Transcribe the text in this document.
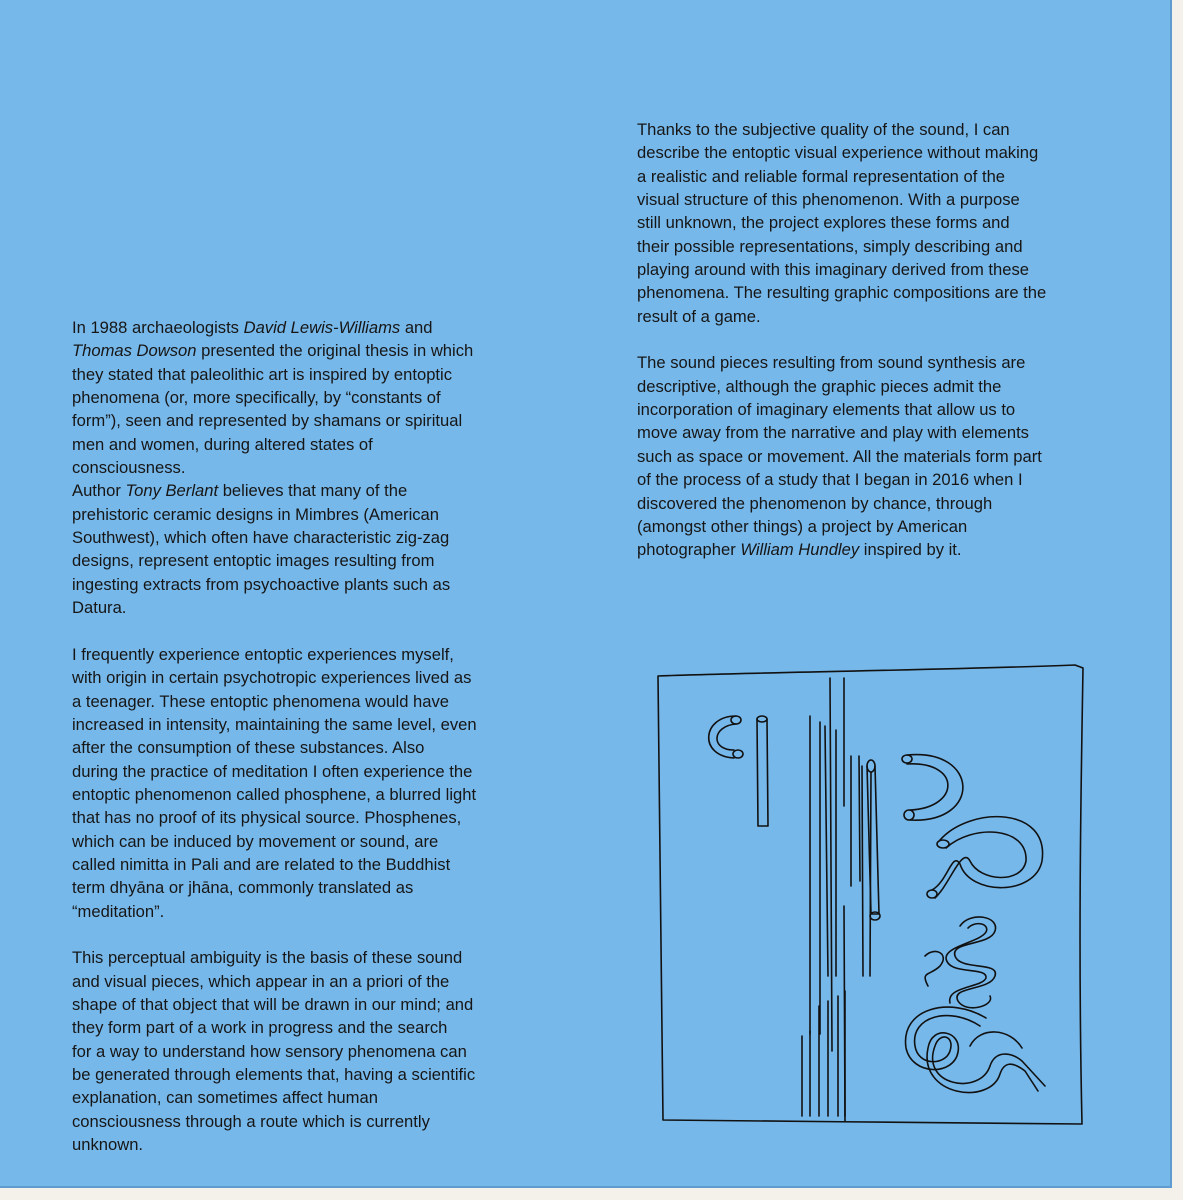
In 1988 archaeologists David Lewis-Williams and
Thomas Dowson presented the original thesis in which
they stated that paleolithic art is inspired by entoptic
phenomena (or, more specifically, by “constants of
form”), seen and represented by shamans or spiritual
men and women, during altered states of
consciousness.
Author Tony Berlant believes that many of the
prehistoric ceramic designs in Mimbres (American
Southwest), which often have characteristic zig-zag
designs, represent entoptic images resulting from
ingesting extracts from psychoactive plants such as
Datura.

I frequently experience entoptic experiences myself,
with origin in certain psychotropic experiences lived as
a teenager. These entoptic phenomena would have
increased in intensity, maintaining the same level, even
after the consumption of these substances. Also
during the practice of meditation I often experience the
entoptic phenomenon called phosphene, a blurred light
that has no proof of its physical source. Phosphenes,
which can be induced by movement or sound, are
called nimitta in Pali and are related to the Buddhist
term dhyāna or jhāna, commonly translated as
“meditation”.

This perceptual ambiguity is the basis of these sound
and visual pieces, which appear in an a priori of the
shape of that object that will be drawn in our mind; and
they form part of a work in progress and the search
for a way to understand how sensory phenomena can
be generated through elements that, having a scientific
explanation, can sometimes affect human
consciousness through a route which is currently
unknown.

Thanks to the subjective quality of the sound, I can
describe the entoptic visual experience without making
a realistic and reliable formal representation of the
visual structure of this phenomenon. With a purpose
still unknown, the project explores these forms and
their possible representations, simply describing and
playing around with this imaginary derived from these
phenomena. The resulting graphic compositions are the
result of a game.

The sound pieces resulting from sound synthesis are
descriptive, although the graphic pieces admit the
incorporation of imaginary elements that allow us to
move away from the narrative and play with elements
such as space or movement. All the materials form part
of the process of a study that I began in 2016 when I
discovered the phenomenon by chance, through
(amongst other things) a project by American
photographer William Hundley inspired by it.
